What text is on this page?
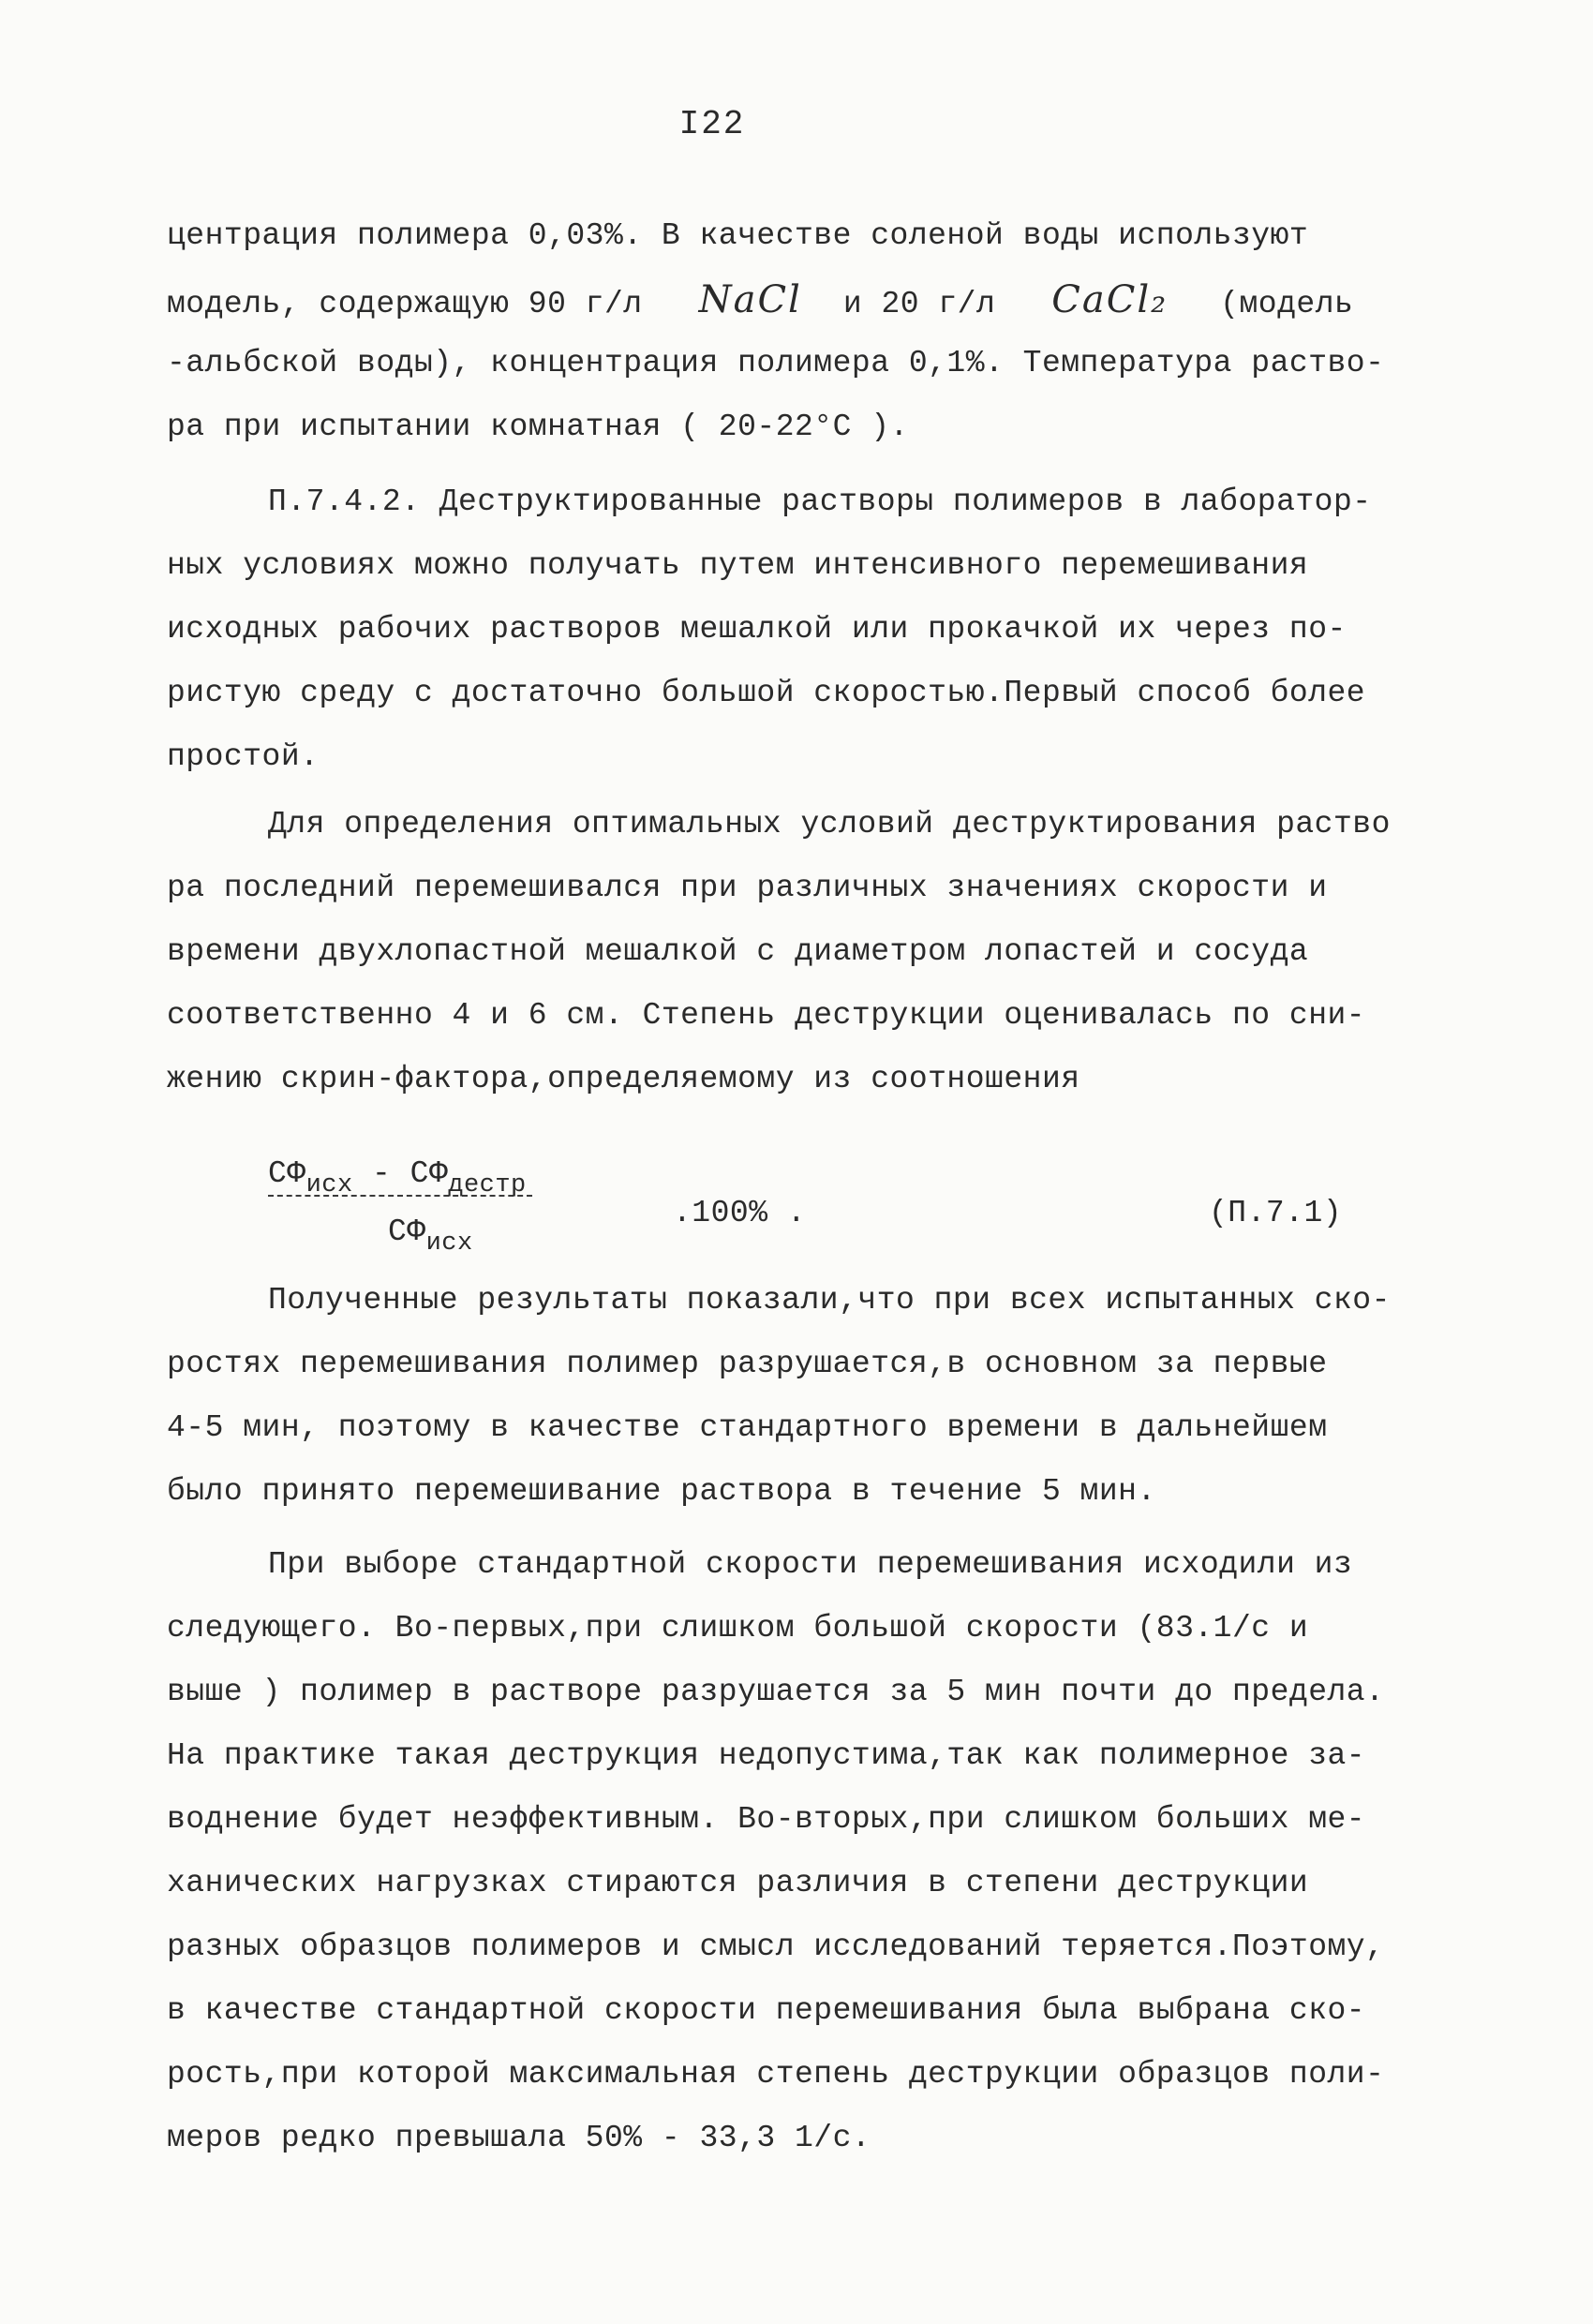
I22
центрация полимера 0,03%. В качестве соленой воды используют
модель, содержащую 90 г/л NaCl и 20 г/л CaCl₂ (модель
-альбской воды), концентрация полимера 0,1%. Температура раство-
ра при испытании комнатная ( 20-22°С ).
П.7.4.2. Деструктированные растворы полимеров в лаборатор-
ных условиях можно получать путем интенсивного перемешивания
исходных рабочих растворов мешалкой или прокачкой их через по-
ристую среду с достаточно большой скоростью.Первый способ более
простой.
Для определения оптимальных условий деструктирования раство
ра последний перемешивался при различных значениях скорости и
времени двухлопастной мешалкой с диаметром лопастей и сосуда
соответственно 4 и 6 см. Степень деструкции оценивалась по сни-
жению скрин-фактора,определяемому из соотношения
$СФ_{исх} - СФ_{дестр}$
$СФ_{исх}$
.100% .	(П.7.1)
Полученные результаты показали,что при всех испытанных ско-
ростях перемешивания полимер разрушается,в основном за первые
4-5 мин, поэтому в качестве стандартного времени в дальнейшем
было принято перемешивание раствора в течение 5 мин.
При выборе стандартной скорости перемешивания исходили из
следующего. Во-первых,при слишком большой скорости (83.1/с и
выше ) полимер в растворе разрушается за 5 мин почти до предела.
На практике такая деструкция недопустима,так как полимерное за-
воднение будет неэффективным. Во-вторых,при слишком больших ме-
ханических нагрузках стираются различия в степени деструкции
разных образцов полимеров и смысл исследований теряется.Поэтому,
в качестве стандартной скорости перемешивания была выбрана ско-
рость,при которой максимальная степень деструкции образцов поли-
меров редко превышала 50% - 33,3 1/с.
